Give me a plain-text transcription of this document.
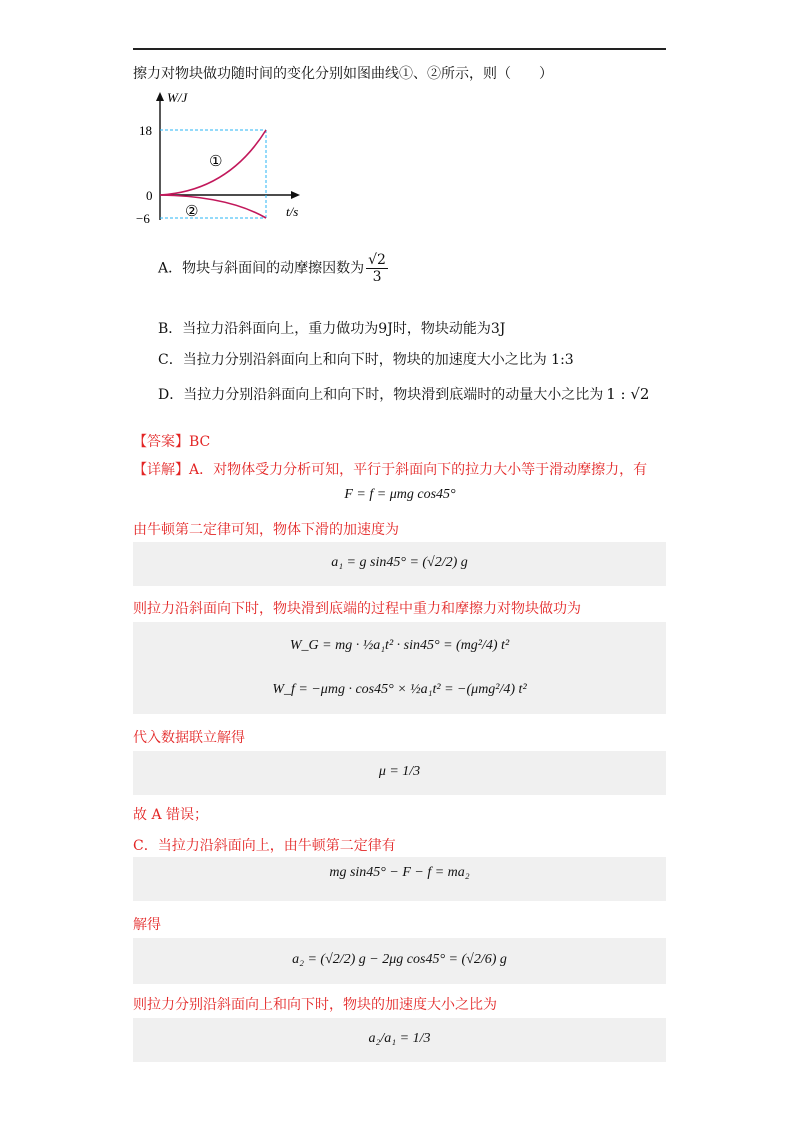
擦力对物块做功随时间的变化分别如图曲线①、②所示，则（　　）
W/J
18
0
−6
①
②	t/s
A．物块与斜面间的动摩擦因数为 $\frac{√2}{3}$
B．当拉力沿斜面向上，重力做功为9J时，物块动能为3J
C．当拉力分别沿斜面向上和向下时，物块的加速度大小之比为 1:3
D．当拉力分别沿斜面向上和向下时，物块滑到底端时的动量大小之比为 1 : √2
【答案】BC
【详解】A．对物体受力分析可知，平行于斜面向下的拉力大小等于滑动摩擦力，有
F = f = μmg cos45°
由牛顿第二定律可知，物体下滑的加速度为
a₁ = g sin45° = (√2/2) g
则拉力沿斜面向下时，物块滑到底端的过程中重力和摩擦力对物块做功为
W_G = mg · ½a₁t² · sin45° = (mg²/4) t²
W_f = −μmg · cos45° × ½a₁t² = −(μmg²/4) t²
代入数据联立解得
μ = 1/3
故 A 错误；
C．当拉力沿斜面向上，由牛顿第二定律有
mg sin45° − F − f = ma₂
解得
a₂ = (√2/2) g − 2μg cos45° = (√2/6) g
则拉力分别沿斜面向上和向下时，物块的加速度大小之比为
a₂/a₁ = 1/3
